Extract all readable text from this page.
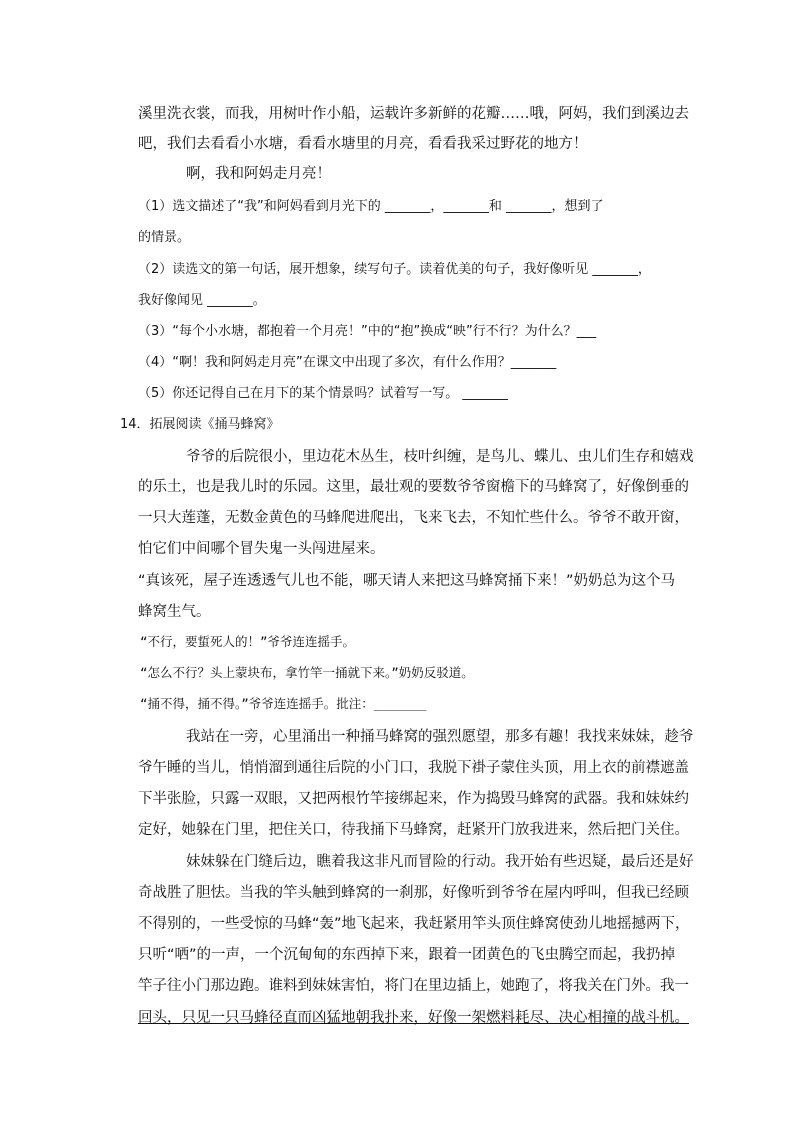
溪里洗衣裳，而我，用树叶作小船，运载许多新鲜的花瓣……哦，阿妈，我们到溪边去
吧，我们去看看小水塘，看看水塘里的月亮，看看我采过野花的地方！
啊，我和阿妈走月亮！
（1）选文描述了“我”和阿妈看到月光下的 _______，_______和 _______，想到了
的情景。
（2）读选文的第一句话，展开想象，续写句子。读着优美的句子，我好像听见 _______，
我好像闻见 _______。
（3）“每个小水塘，都抱着一个月亮！”中的“抱”换成“映”行不行？为什么？___
（4）“啊！我和阿妈走月亮”在课文中出现了多次，有什么作用？_______
（5）你还记得自己在月下的某个情景吗？试着写一写。 _______
14．拓展阅读《捅马蜂窝》
爷爷的后院很小，里边花木丛生，枝叶纠缠，是鸟儿、蝶儿、虫儿们生存和嬉戏
的乐土，也是我儿时的乐园。这里，最壮观的要数爷爷窗檐下的马蜂窝了，好像倒垂的
一只大莲蓬，无数金黄色的马蜂爬进爬出，飞来飞去，不知忙些什么。爷爷不敢开窗，
怕它们中间哪个冒失鬼一头闯进屋来。
“真该死，屋子连透透气儿也不能，哪天请人来把这马蜂窝捅下来！”奶奶总为这个马
蜂窝生气。
“不行，要蜇死人的！”爷爷连连摇手。
“怎么不行？头上蒙块布，拿竹竿一捅就下来。”奶奶反驳道。
“捅不得，捅不得。”爷爷连连摇手。批注：_______
我站在一旁，心里涌出一种捅马蜂窝的强烈愿望，那多有趣！我找来妹妹，趁爷
爷午睡的当儿，悄悄溜到通往后院的小门口，我脱下褂子蒙住头顶，用上衣的前襟遮盖
下半张脸，只露一双眼，又把两根竹竿接绑起来，作为捣毁马蜂窝的武器。我和妹妹约
定好，她躲在门里，把住关口，待我捅下马蜂窝，赶紧开门放我进来，然后把门关住。
妹妹躲在门缝后边，瞧着我这非凡而冒险的行动。我开始有些迟疑，最后还是好
奇战胜了胆怯。当我的竿头触到蜂窝的一刹那，好像听到爷爷在屋内呼叫，但我已经顾
不得别的，一些受惊的马蜂“轰”地飞起来，我赶紧用竿头顶住蜂窝使劲儿地摇撼两下，
只听“哂”的一声，一个沉甸甸的东西掉下来，跟着一团黄色的飞虫腾空而起，我扔掉
竿子往小门那边跑。谁料到妹妹害怕，将门在里边插上，她跑了，将我关在门外。我一
回头，只见一只马蜂径直而凶猛地朝我扑来，好像一架燃料耗尽、决心相撞的战斗机。
